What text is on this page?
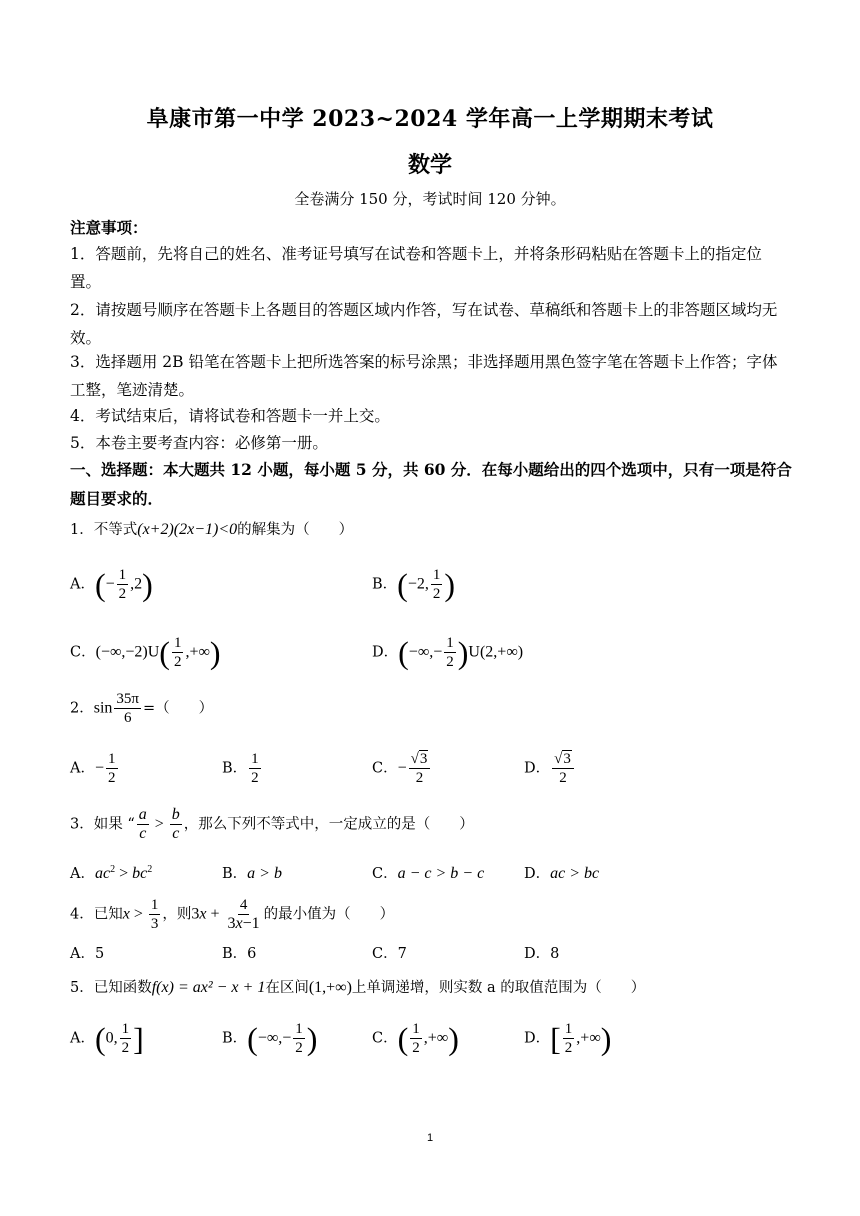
阜康市第一中学 2023~2024 学年高一上学期期末考试
数学
全卷满分 150 分，考试时间 120 分钟。
注意事项：
1．答题前，先将自己的姓名、准考证号填写在试卷和答题卡上，并将条形码粘贴在答题卡上的指定位置。
2．请按题号顺序在答题卡上各题目的答题区域内作答，写在试卷、草稿纸和答题卡上的非答题区域均无效。
3．选择题用 2B 铅笔在答题卡上把所选答案的标号涂黑；非选择题用黑色签字笔在答题卡上作答；字体工整，笔迹清楚。
4．考试结束后，请将试卷和答题卡一并上交。
5．本卷主要考查内容：必修第一册。
一、选择题：本大题共 12 小题，每小题 5 分，共 60 分．在每小题给出的四个选项中，只有一项是符合题目要求的．
1．不等式(x+2)(2x−1)<0的解集为（　　）
A．(− $\frac{1}{2} ,2$)	B．(−2, $\frac{1}{2}$ )
C．$(-\infty,-2)U( \frac{1}{2}$ ,+∞)	D．(−∞,− $\frac{1}{2} )U(2,+\infty)$
2．$\sin \frac{35\pi}{6}$ =（　　）
A．− $\frac{1}{2}$	B． $\frac{1}{2}$	C．− $\frac{√3}{2}$	D． $\frac{√3}{2}$
3．如果 “ $\frac{a}{c} > \frac{b}{c}$ ，那么下列不等式中，一定成立的是（　　）
A．$ac^2 > bc^2$	B．a > b	C．a − c > b − c	D．ac > bc
4．已知$x > \frac{1}{3}$ ，则$3x + \frac{4}{3x-1}$ 的最小值为（　　）
A．5	B．6	C．7	D．8
5．已知函数f(x) = ax² − x + 1在区间(1,+∞)上单调递增，则实数 a 的取值范围为（　　）
A．(0, $\frac{1}{2}$ ]	B．(−∞,− $\frac{1}{2}$ )	C．( $\frac{1}{2}$ ,+∞)	D．[ $\frac{1}{2}$ ,+∞)
1
